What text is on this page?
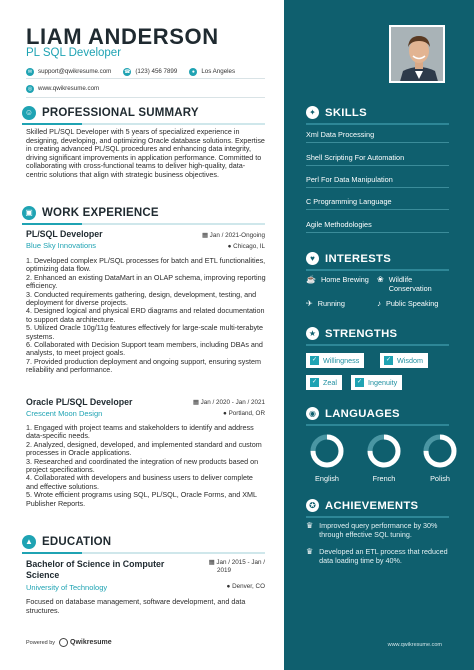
LIAM ANDERSON
PL SQL Developer
✉ support@qwikresume.com	☎ (123) 456 7899	●	Los Angeles
◎ www.qwikresume.com
☺ PROFESSIONAL SUMMARY
Skilled PL/SQL Developer with 5 years of specialized experience in designing, developing, and optimizing Oracle database solutions. Expertise in creating advanced PL/SQL procedures and enhancing data integrity, driving significant improvements in application performance. Committed to collaborating with cross-functional teams to deliver high-quality, data-centric solutions that align with strategic business objectives.
▣ WORK EXPERIENCE
PL/SQL Developer	▦ Jan / 2021-Ongoing
Blue Sky Innovations	● Chicago, IL
1. Developed complex PL/SQL processes for batch and ETL functionalities, optimizing data flow.
2. Enhanced an existing DataMart in an OLAP schema, improving reporting efficiency.
3. Conducted requirements gathering, design, development, testing, and deployment for diverse projects.
4. Designed logical and physical ERD diagrams and related documentation to support data architecture.
5. Utilized Oracle 10g/11g features effectively for large-scale multi-terabyte systems.
6. Collaborated with Decision Support team members, including DBAs and analysts, to meet project goals.
7. Provided production deployment and ongoing support, ensuring system reliability and performance.
Oracle PL/SQL Developer	▦ Jan / 2020 - Jan / 2021
Crescent Moon Design	● Portland, OR
1. Engaged with project teams and stakeholders to identify and address data-specific needs.
2. Analyzed, designed, developed, and implemented standard and custom processes in Oracle applications.
3. Researched and coordinated the integration of new products based on project specifications.
4. Collaborated with developers and business users to deliver complete and effective solutions.
5. Wrote efficient programs using SQL, PL/SQL, Oracle Forms, and XML Publisher Reports.
▲ EDUCATION
Bachelor of Science in Computer Science
▦ Jan / 2015 - Jan /
2019
University of Technology	● Denver, CO
Focused on database management, software development, and data structures.
Powered by Qwikresume
✦ SKILLS
Xml Data Processing
Shell Scripting For Automation
Perl For Data Manipulation
C Programming Language
Agile Methodologies
♥ INTERESTS
☕ Home Brewing ❀ Wildlife Conservation
✈ Running	♪ Public Speaking
★ STRENGTHS
✓ Willingness	✓ Wisdom
✓ Zeal	✓ Ingenuity
◉ LANGUAGES
English	French	Polish
✪ ACHIEVEMENTS
♛ Improved query performance by 30% through effective SQL tuning.
♛ Developed an ETL process that reduced data loading time by 40%.
www.qwikresume.com
